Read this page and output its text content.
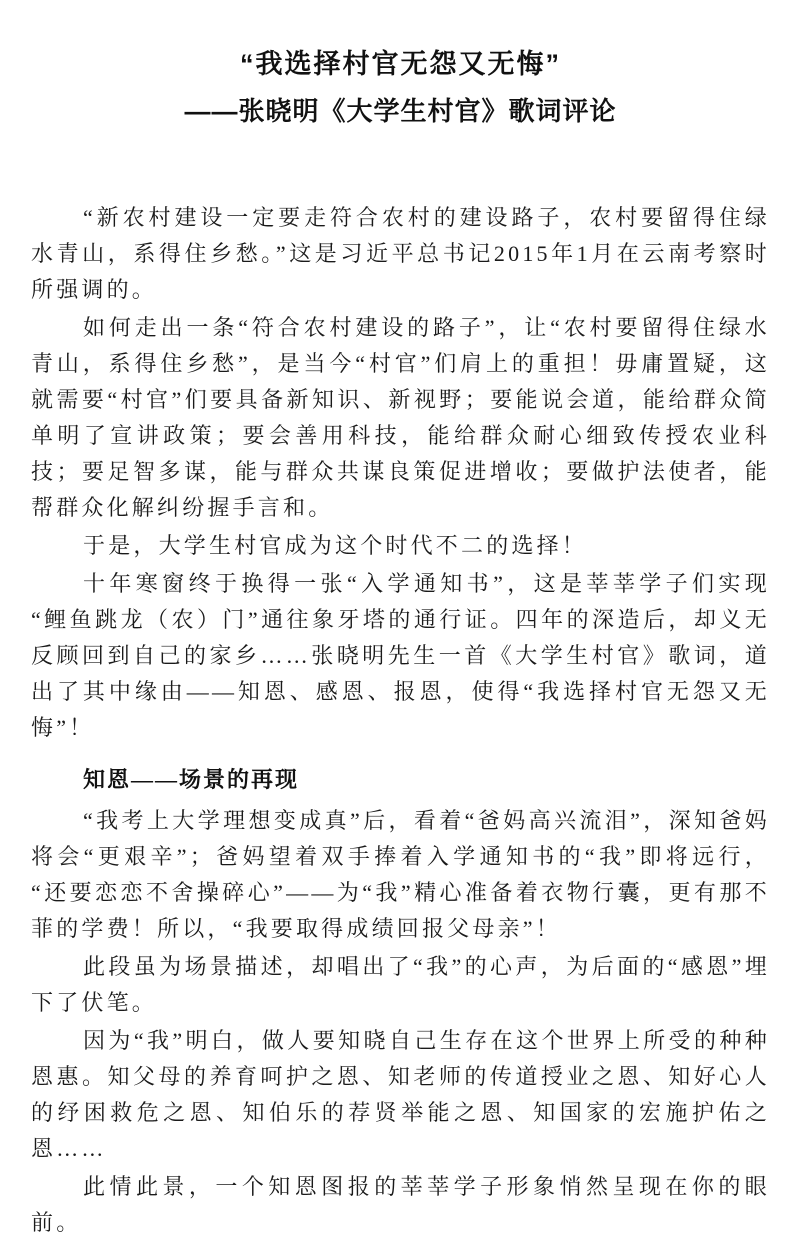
“我选择村官无怨又无悔”
——张晓明《大学生村官》歌词评论

“新农村建设一定要走符合农村的建设路子，农村要留得住绿水青山，系得住乡愁。”这是习近平总书记2015年1月在云南考察时所强调的。

如何走出一条“符合农村建设的路子”，让“农村要留得住绿水青山，系得住乡愁”，是当今“村官”们肩上的重担！毋庸置疑，这就需要“村官”们要具备新知识、新视野；要能说会道，能给群众简单明了宣讲政策；要会善用科技，能给群众耐心细致传授农业科技；要足智多谋，能与群众共谋良策促进增收；要做护法使者，能帮群众化解纠纷握手言和。

于是，大学生村官成为这个时代不二的选择！

十年寒窗终于换得一张“入学通知书”，这是莘莘学子们实现“鲤鱼跳龙（农）门”通往象牙塔的通行证。四年的深造后，却义无反顾回到自己的家乡……张晓明先生一首《大学生村官》歌词，道出了其中缘由——知恩、感恩、报恩，使得“我选择村官无怨又无悔”！

知恩——场景的再现

“我考上大学理想变成真”后，看着“爸妈高兴流泪”，深知爸妈将会“更艰辛”；爸妈望着双手捧着入学通知书的“我”即将远行，“还要恋恋不舍操碎心”——为“我”精心准备着衣物行囊，更有那不菲的学费！所以，“我要取得成绩回报父母亲”！

此段虽为场景描述，却唱出了“我”的心声，为后面的“感恩”埋下了伏笔。

因为“我”明白，做人要知晓自己生存在这个世界上所受的种种恩惠。知父母的养育呵护之恩、知老师的传道授业之恩、知好心人的纾困救危之恩、知伯乐的荐贤举能之恩、知国家的宏施护佑之恩……

此情此景，一个知恩图报的莘莘学子形象悄然呈现在你的眼前。
